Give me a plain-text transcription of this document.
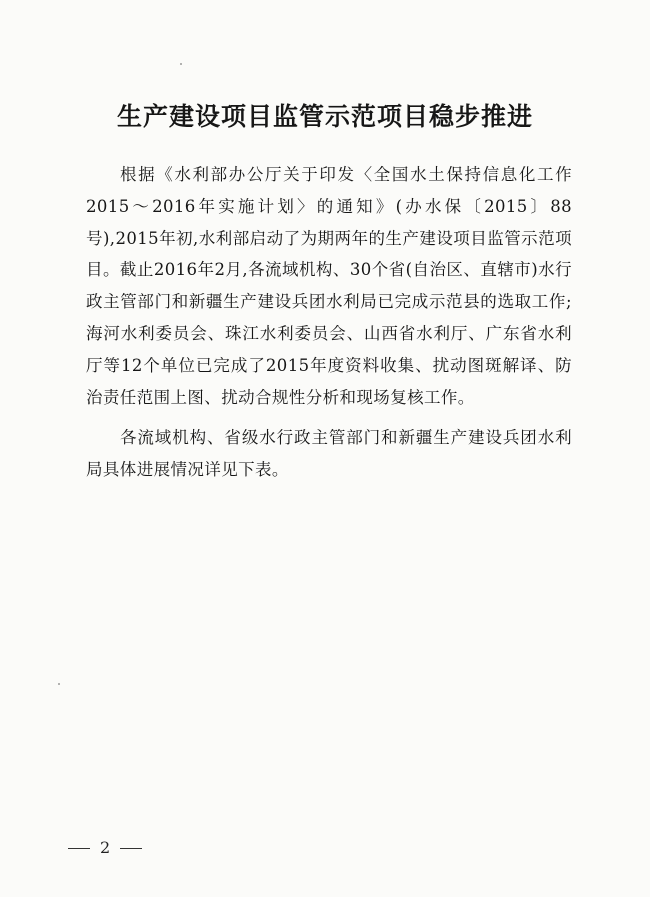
生产建设项目监管示范项目稳步推进

根据《水利部办公厅关于印发〈全国水土保持信息化工作2015～2016年实施计划〉的通知》(办水保〔2015〕88号),2015年初,水利部启动了为期两年的生产建设项目监管示范项目。截止2016年2月,各流域机构、30个省(自治区、直辖市)水行政主管部门和新疆生产建设兵团水利局已完成示范县的选取工作;海河水利委员会、珠江水利委员会、山西省水利厅、广东省水利厅等12个单位已完成了2015年度资料收集、扰动图斑解译、防治责任范围上图、扰动合规性分析和现场复核工作。

各流域机构、省级水行政主管部门和新疆生产建设兵团水利局具体进展情况详见下表。

2
